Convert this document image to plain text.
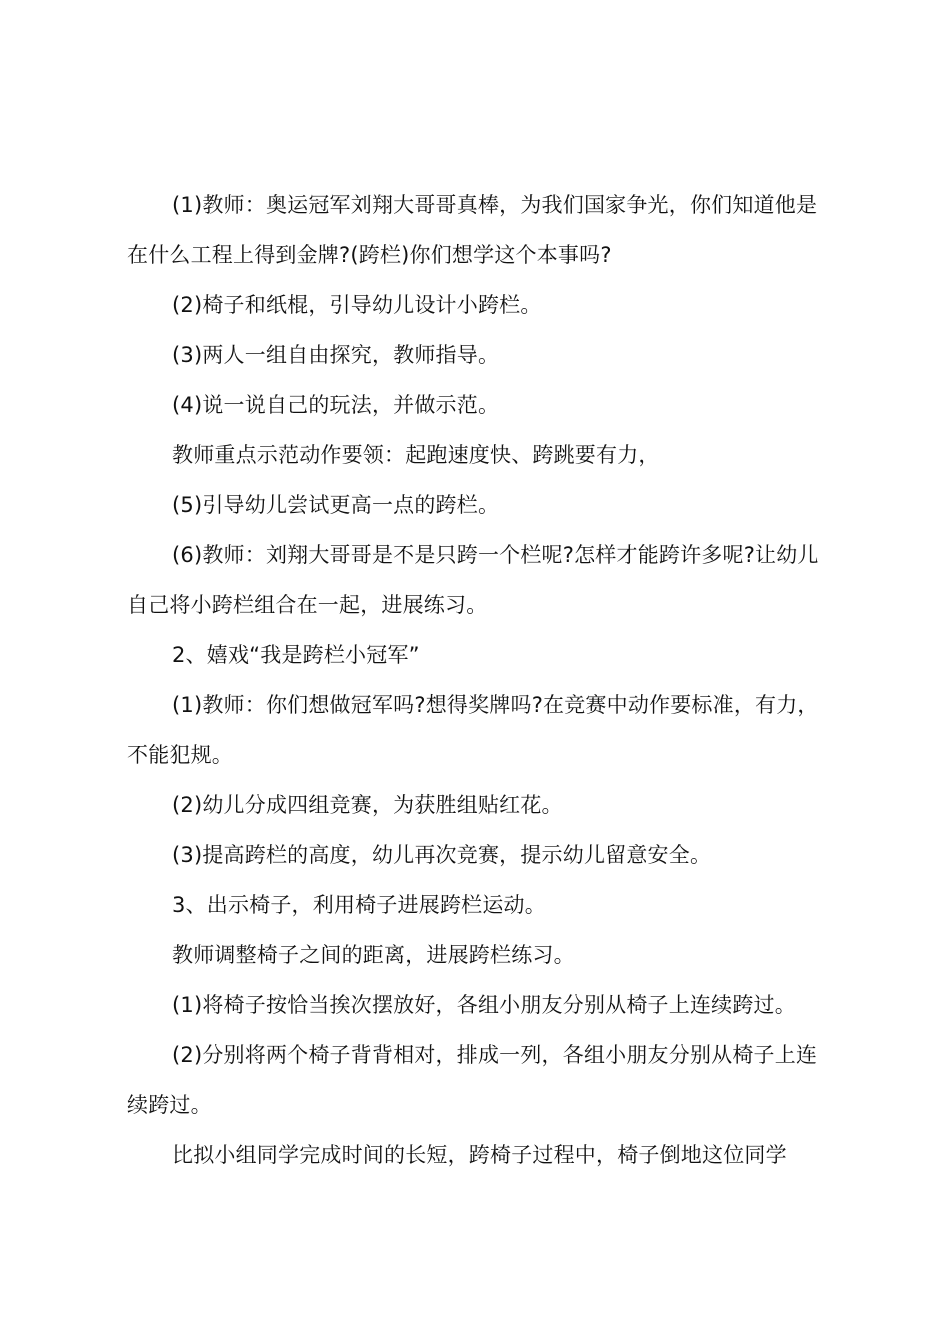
(1)教师：奥运冠军刘翔大哥哥真棒，为我们国家争光，你们知道他是在什么工程上得到金牌?(跨栏)你们想学这个本事吗?

(2)椅子和纸棍，引导幼儿设计小跨栏。

(3)两人一组自由探究，教师指导。

(4)说一说自己的玩法，并做示范。

教师重点示范动作要领：起跑速度快、跨跳要有力，

(5)引导幼儿尝试更高一点的跨栏。

(6)教师：刘翔大哥哥是不是只跨一个栏呢?怎样才能跨许多呢?让幼儿自己将小跨栏组合在一起，进展练习。

2、嬉戏“我是跨栏小冠军”

(1)教师：你们想做冠军吗?想得奖牌吗?在竞赛中动作要标准，有力，不能犯规。

(2)幼儿分成四组竞赛，为获胜组贴红花。

(3)提高跨栏的高度，幼儿再次竞赛，提示幼儿留意安全。

3、出示椅子，利用椅子进展跨栏运动。

教师调整椅子之间的距离，进展跨栏练习。

(1)将椅子按恰当挨次摆放好，各组小朋友分别从椅子上连续跨过。

(2)分别将两个椅子背背相对，排成一列，各组小朋友分别从椅子上连续跨过。

比拟小组同学完成时间的长短，跨椅子过程中，椅子倒地这位同学
